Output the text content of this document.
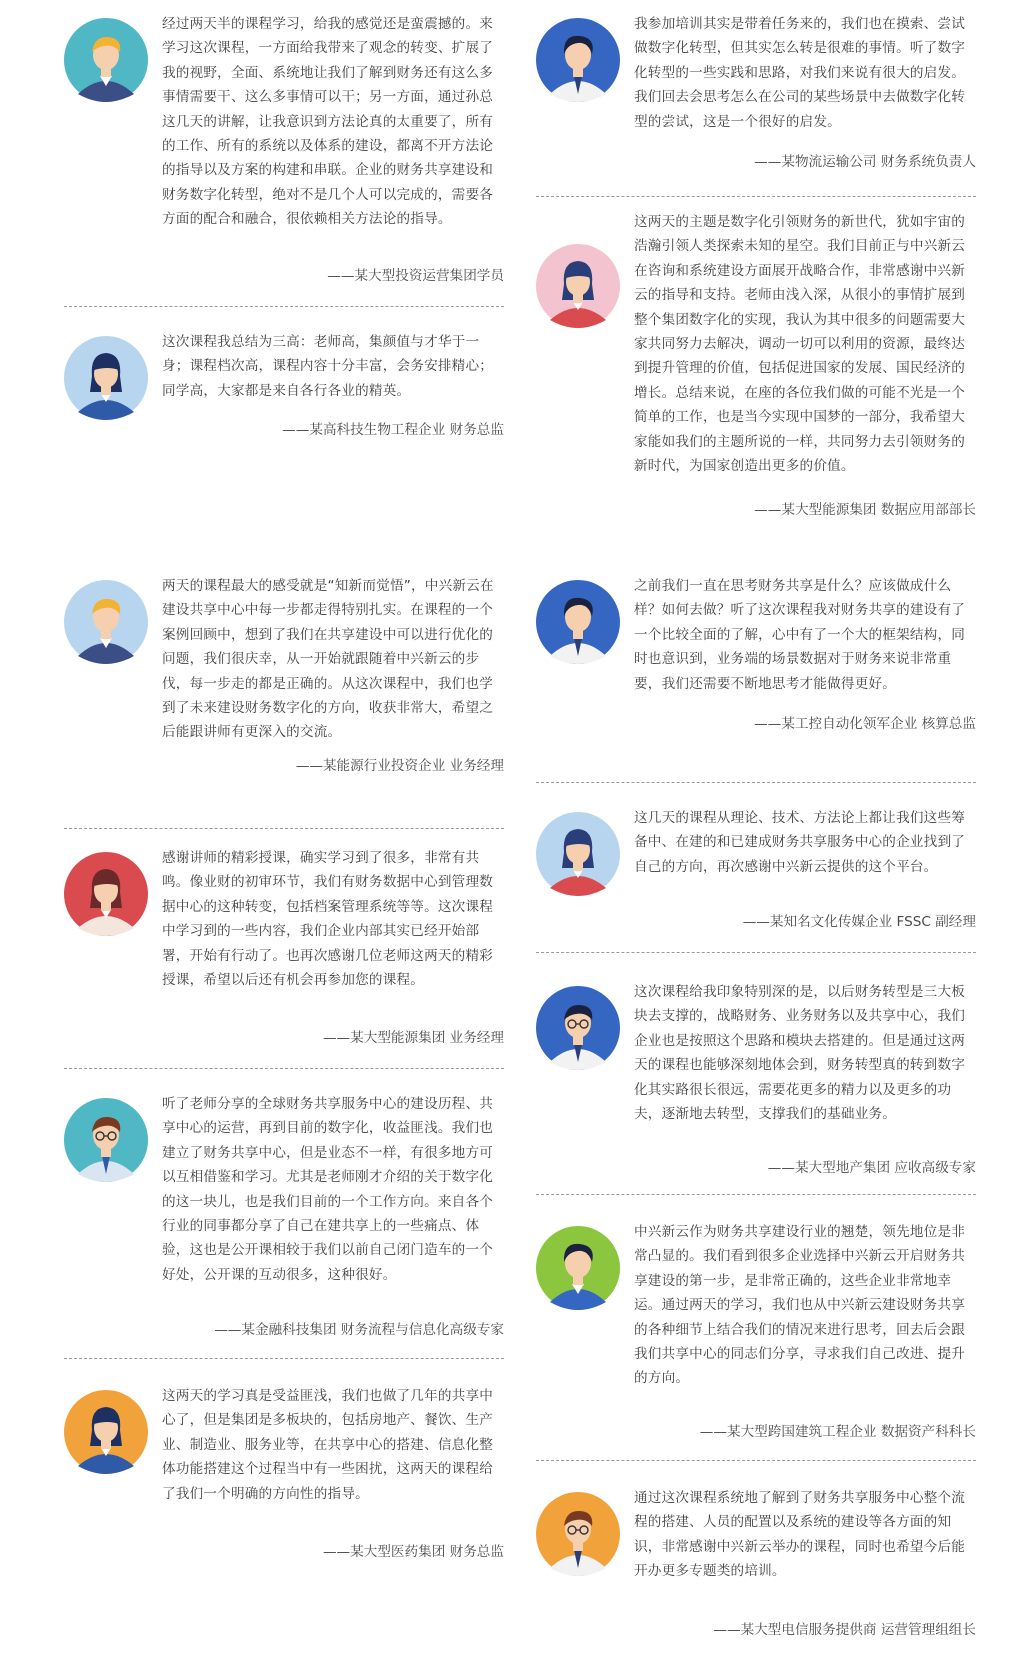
经过两天半的课程学习，给我的感觉还是蛮震撼的。来学习这次课程，一方面给我带来了观念的转变、扩展了我的视野，全面、系统地让我们了解到财务还有这么多事情需要干、这么多事情可以干；另一方面，通过孙总这几天的讲解，让我意识到方法论真的太重要了，所有的工作、所有的系统以及体系的建设，都离不开方法论的指导以及方案的构建和串联。企业的财务共享建设和财务数字化转型，绝对不是几个人可以完成的，需要各方面的配合和融合，很依赖相关方法论的指导。

——某大型投资运营集团学员

这次课程我总结为三高：老师高，集颜值与才华于一身；课程档次高，课程内容十分丰富，会务安排精心；同学高，大家都是来自各行各业的精英。

——某高科技生物工程企业 财务总监

两天的课程最大的感受就是“知新而觉悟”，中兴新云在建设共享中心中每一步都走得特别扎实。在课程的一个案例回顾中，想到了我们在共享建设中可以进行优化的问题，我们很庆幸，从一开始就跟随着中兴新云的步伐，每一步走的都是正确的。从这次课程中，我们也学到了未来建设财务数字化的方向，收获非常大，希望之后能跟讲师有更深入的交流。

——某能源行业投资企业 业务经理

感谢讲师的精彩授课，确实学习到了很多，非常有共鸣。像业财的初审环节，我们有财务数据中心到管理数据中心的这种转变，包括档案管理系统等等。这次课程中学习到的一些内容，我们企业内部其实已经开始部署，开始有行动了。也再次感谢几位老师这两天的精彩授课，希望以后还有机会再参加您的课程。

——某大型能源集团 业务经理

听了老师分享的全球财务共享服务中心的建设历程、共享中心的运营，再到目前的数字化，收益匪浅。我们也建立了财务共享中心，但是业态不一样，有很多地方可以互相借鉴和学习。尤其是老师刚才介绍的关于数字化的这一块儿，也是我们目前的一个工作方向。来自各个行业的同事都分享了自己在建共享上的一些痛点、体验，这也是公开课相较于我们以前自己闭门造车的一个好处，公开课的互动很多，这种很好。

——某金融科技集团 财务流程与信息化高级专家

这两天的学习真是受益匪浅，我们也做了几年的共享中心了，但是集团是多板块的，包括房地产、餐饮、生产业、制造业、服务业等，在共享中心的搭建、信息化整体功能搭建这个过程当中有一些困扰，这两天的课程给了我们一个明确的方向性的指导。

——某大型医药集团 财务总监

我参加培训其实是带着任务来的，我们也在摸索、尝试做数字化转型，但其实怎么转是很难的事情。听了数字化转型的一些实践和思路，对我们来说有很大的启发。我们回去会思考怎么在公司的某些场景中去做数字化转型的尝试，这是一个很好的启发。

——某物流运输公司 财务系统负责人

这两天的主题是数字化引领财务的新世代，犹如宇宙的浩瀚引领人类探索未知的星空。我们目前正与中兴新云在咨询和系统建设方面展开战略合作，非常感谢中兴新云的指导和支持。老师由浅入深，从很小的事情扩展到整个集团数字化的实现，我认为其中很多的问题需要大家共同努力去解决，调动一切可以利用的资源，最终达到提升管理的价值，包括促进国家的发展、国民经济的增长。总结来说，在座的各位我们做的可能不光是一个简单的工作，也是当今实现中国梦的一部分，我希望大家能如我们的主题所说的一样，共同努力去引领财务的新时代，为国家创造出更多的价值。

——某大型能源集团 数据应用部部长

之前我们一直在思考财务共享是什么？应该做成什么样？如何去做？听了这次课程我对财务共享的建设有了一个比较全面的了解，心中有了一个大的框架结构，同时也意识到，业务端的场景数据对于财务来说非常重要，我们还需要不断地思考才能做得更好。

——某工控自动化领军企业 核算总监

这几天的课程从理论、技术、方法论上都让我们这些筹备中、在建的和已建成财务共享服务中心的企业找到了自己的方向，再次感谢中兴新云提供的这个平台。

——某知名文化传媒企业 FSSC 副经理

这次课程给我印象特别深的是，以后财务转型是三大板块去支撑的，战略财务、业务财务以及共享中心，我们企业也是按照这个思路和模块去搭建的。但是通过这两天的课程也能够深刻地体会到，财务转型真的转到数字化其实路很长很远，需要花更多的精力以及更多的功夫，逐渐地去转型，支撑我们的基础业务。

——某大型地产集团 应收高级专家

中兴新云作为财务共享建设行业的翘楚，领先地位是非常凸显的。我们看到很多企业选择中兴新云开启财务共享建设的第一步，是非常正确的，这些企业非常地幸运。通过两天的学习，我们也从中兴新云建设财务共享的各种细节上结合我们的情况来进行思考，回去后会跟我们共享中心的同志们分享，寻求我们自己改进、提升的方向。

——某大型跨国建筑工程企业 数据资产科科长

通过这次课程系统地了解到了财务共享服务中心整个流程的搭建、人员的配置以及系统的建设等各方面的知识，非常感谢中兴新云举办的课程，同时也希望今后能开办更多专题类的培训。

——某大型电信服务提供商 运营管理组组长
